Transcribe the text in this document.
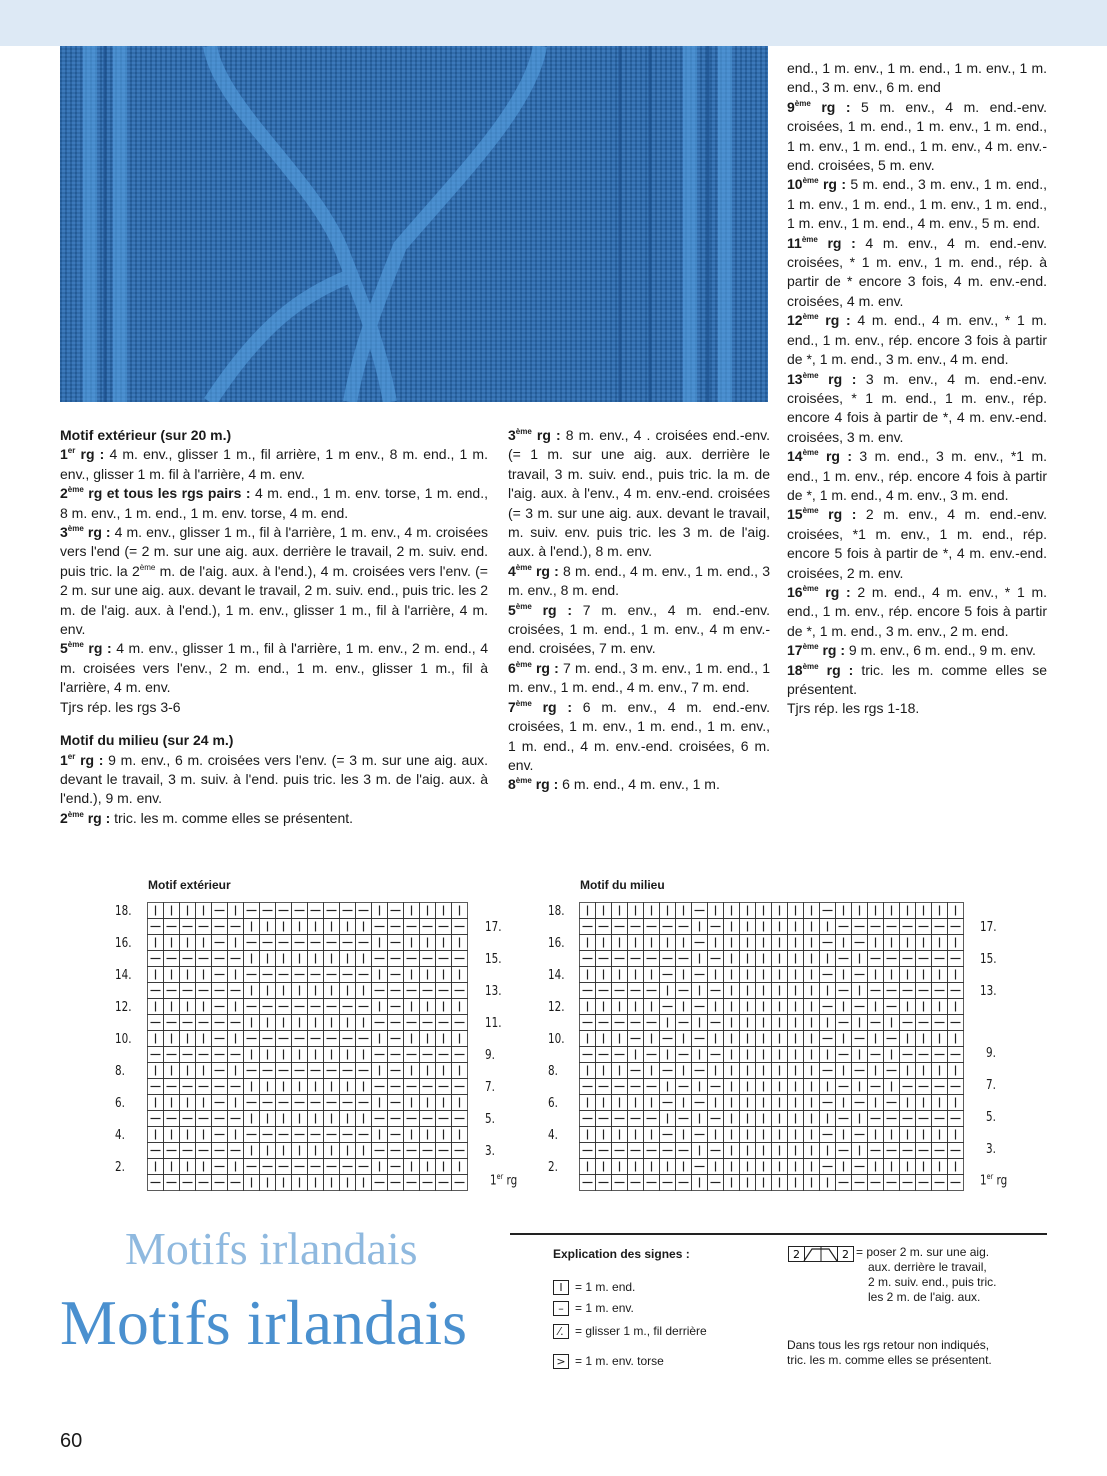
Motif extérieur (sur 20 m.)

1er rg : 4 m. env., glisser 1 m., fil arrière, 1 m env., 8 m. end., 1 m. env., glisser 1 m. fil à l'arrière, 4 m. env.

2ème rg et tous les rgs pairs : 4 m. end., 1 m. env. torse, 1 m. end., 8 m. env., 1 m. end., 1 m. env. torse, 4 m. end.

3ème rg : 4 m. env., glisser 1 m., fil à l'arrière, 1 m. env., 4 m. croisées vers l'end (= 2 m. sur une aig. aux. derrière le travail, 2 m. suiv. end. puis tric. la 2ème m. de l'aig. aux. à l'end.), 4 m. croisées vers l'env. (= 2 m. sur une aig. aux. devant le travail, 2 m. suiv. end., puis tric. les 2 m. de l'aig. aux. à l'end.), 1 m. env., glisser 1 m., fil à l'arrière, 4 m. env.

5ème rg : 4 m. env., glisser 1 m., fil à l'arrière, 1 m. env., 2 m. end., 4 m. croisées vers l'env., 2 m. end., 1 m. env., glisser 1 m., fil à l'arrière, 4 m. env.

Tjrs rép. les rgs 3-6

Motif du milieu (sur 24 m.)

1er rg : 9 m. env., 6 m. croisées vers l'env. (= 3 m. sur une aig. aux. devant le travail, 3 m. suiv. à l'end. puis tric. les 3 m. de l'aig. aux. à l'end.), 9 m. env.

2ème rg : tric. les m. comme elles se présentent.

3ème rg : 8 m. env., 4 . croisées end.-env. (= 1 m. sur une aig. aux. derrière le travail, 3 m. suiv. end., puis tric. la m. de l'aig. aux. à l'env., 4 m. env.-end. croisées (= 3 m. sur une aig. aux. devant le travail, m. suiv. env. puis tric. les 3 m. de l'aig. aux. à l'end.), 8 m. env.

4ème rg : 8 m. end., 4 m. env., 1 m. end., 3 m. env., 8 m. end.

5ème rg : 7 m. env., 4 m. end.-env. croisées, 1 m. end., 1 m. env., 4 m env.-end. croisées, 7 m. env.

6ème rg : 7 m. end., 3 m. env., 1 m. end., 1 m. env., 1 m. end., 4 m. env., 7 m. end.

7ème rg : 6 m. env., 4 m. end.-env. croisées, 1 m. env., 1 m. end., 1 m. env., 1 m. end., 4 m. env.-end. croisées, 6 m. env.

8ème rg : 6 m. end., 4 m. env., 1 m.

end., 1 m. env., 1 m. end., 1 m. env., 1 m. end., 3 m. env., 6 m. end

9ème rg : 5 m. env., 4 m. end.-env. croisées, 1 m. end., 1 m. env., 1 m. end., 1 m. env., 1 m. end., 1 m. env., 4 m. env.-end. croisées, 5 m. env.

10ème rg : 5 m. end., 3 m. env., 1 m. end., 1 m. env., 1 m. end., 1 m. env., 1 m. end., 1 m. env., 1 m. end., 4 m. env., 5 m. end.

11ème rg : 4 m. env., 4 m. end.-env. croisées, * 1 m. env., 1 m. end., rép. à partir de * encore 3 fois, 4 m. env.-end. croisées, 4 m. env.

12ème rg : 4 m. end., 4 m. env., * 1 m. end., 1 m. env., rép. encore 3 fois à partir de *, 1 m. end., 3 m. env., 4 m. end.

13ème rg : 3 m. env., 4 m. end.-env. croisées, * 1 m. end., 1 m. env., rép. encore 4 fois à partir de *, 4 m. env.-end. croisées, 3 m. env.

14ème rg : 3 m. end., 3 m. env., *1 m. end., 1 m. env., rép. encore 4 fois à partir de *, 1 m. end., 4 m. env., 3 m. end.

15ème rg : 2 m. env., 4 m. end.-env. croisées, *1 m. env., 1 m. end., rép. encore 5 fois à partir de *, 4 m. env.-end. croisées, 2 m. env.

16ème rg : 2 m. end., 4 m. env., * 1 m. end., 1 m. env., rép. encore 5 fois à partir de *, 1 m. end., 3 m. env., 2 m. end.

17ème rg : 9 m. env., 6 m. end., 9 m. env.

18ème rg : tric. les m. comme elles se présentent.

Tjrs rép. les rgs 1-18.

Motif extérieur
18.
16.
14.
12.
10.
8.
6.
4.
2.
17.
15.
13.
11.
9.
7.
5.
3.
1er rg
Motif du milieu
18.
16.
14.
12.
10.
8.
6.
4.
2.
17.
15.
13.
9.
7.
5.
3.
1er rg
Motifs irlandais
Motifs irlandais
Explication des signes :
I = 1 m. end.
– = 1 m. env.
⁄. = glisser 1 m., fil derrière
> = 1 m. env. torse
2	2 = poser 2 m. sur une aig.
aux. derrière le travail,
2 m. suiv. end., puis tric.
les 2 m. de l'aig. aux.
Dans tous les rgs retour non indiqués,
tric. les m. comme elles se présentent.
60
